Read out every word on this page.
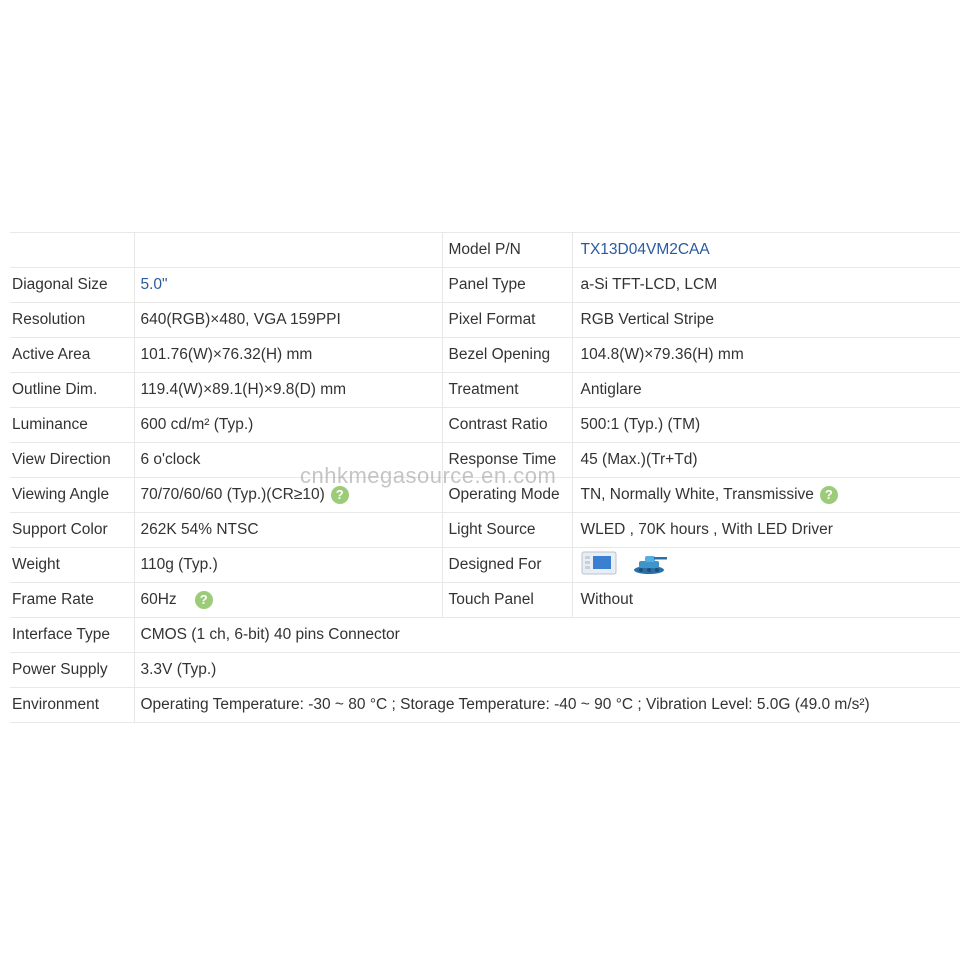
		Model P/N	TX13D04VM2CAA
Diagonal Size	5.0"	Panel Type	a-Si TFT-LCD, LCM
Resolution	640(RGB)×480, VGA 159PPI	Pixel Format	RGB Vertical Stripe
Active Area	101.76(W)×76.32(H) mm	Bezel Opening	104.8(W)×79.36(H) mm
Outline Dim.	119.4(W)×89.1(H)×9.8(D) mm	Treatment	Antiglare
Luminance	600 cd/m² (Typ.)	Contrast Ratio	500:1 (Typ.) (TM)
View Direction	6 o'clock	Response Time	45 (Max.)(Tr+Td)
Viewing Angle	70/70/60/60 (Typ.)(CR≥10) ?	Operating Mode	TN, Normally White, Transmissive ?
Support Color	262K 54% NTSC	Light Source	WLED , 70K hours , With LED Driver
Weight	110g (Typ.)	Designed For	
Frame Rate	60Hz ?	Touch Panel	Without
Interface Type	CMOS (1 ch, 6-bit) 40 pins Connector		
Power Supply	3.3V (Typ.)		
Environment	Operating Temperature: -30 ~ 80 °C ; Storage Temperature: -40 ~ 90 °C ; Vibration Level: 5.0G (49.0 m/s²)		
cnhkmegasource.en.com
